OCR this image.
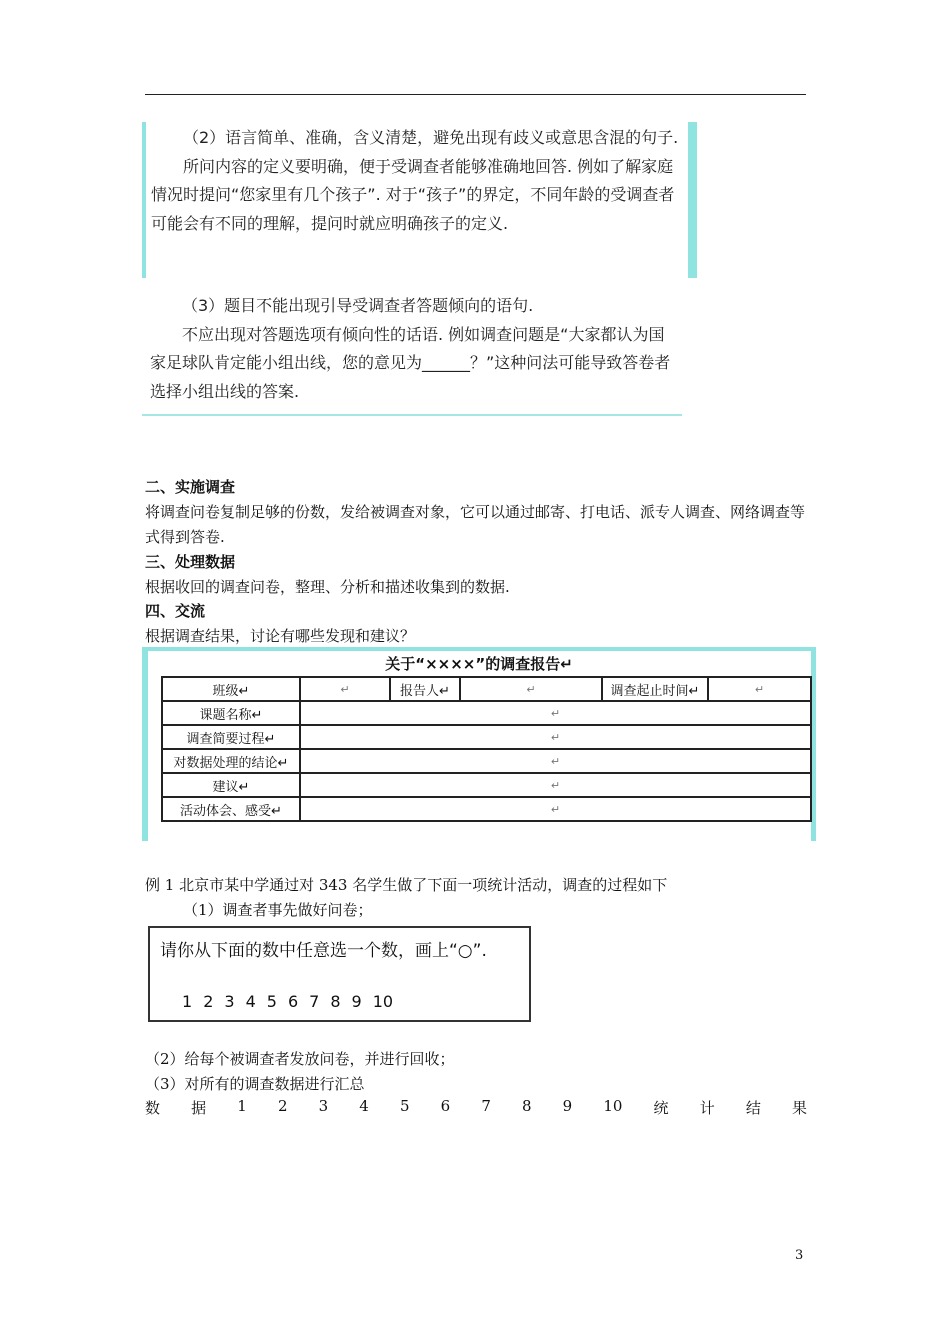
（2）语言简单、准确，含义清楚，避免出现有歧义或意思含混的句子.

所问内容的定义要明确，便于受调查者能够准确地回答. 例如了解家庭情况时提问“您家里有几个孩子”. 对于“孩子”的界定，不同年龄的受调查者可能会有不同的理解，提问时就应明确孩子的定义.

（3）题目不能出现引导受调查者答题倾向的语句.

不应出现对答题选项有倾向性的话语. 例如调查问题是“大家都认为国家足球队肯定能小组出线，您的意见为______？”这种问法可能导致答卷者选择小组出线的答案.

二、实施调查
将调查问卷复制足够的份数，发给被调查对象，它可以通过邮寄、打电话、派专人调查、网络调查等式得到答卷.
三、处理数据
根据收回的调查问卷，整理、分析和描述收集到的数据.
四、交流
根据调查结果，讨论有哪些发现和建议？
关于“××××”的调查报告↵
班级↵	↵	报告人↵	↵	调查起止时间↵	↵
课题名称↵	↵				
调查简要过程↵	↵				
对数据处理的结论↵	↵				
建议↵	↵				
活动体会、感受↵	↵				
例 1 北京市某中学通过对 343 名学生做了下面一项统计活动，调查的过程如下
（1）调查者事先做好问卷；
请你从下面的数中任意选一个数，画上“○”.
1 2 3 4 5 6 7 8 9 10
（2）给每个被调查者发放问卷，并进行回收；
（3）对所有的调查数据进行汇总
数 据 1 2 3 4 5 6 7 8 9 10 统 计 结 果
3
